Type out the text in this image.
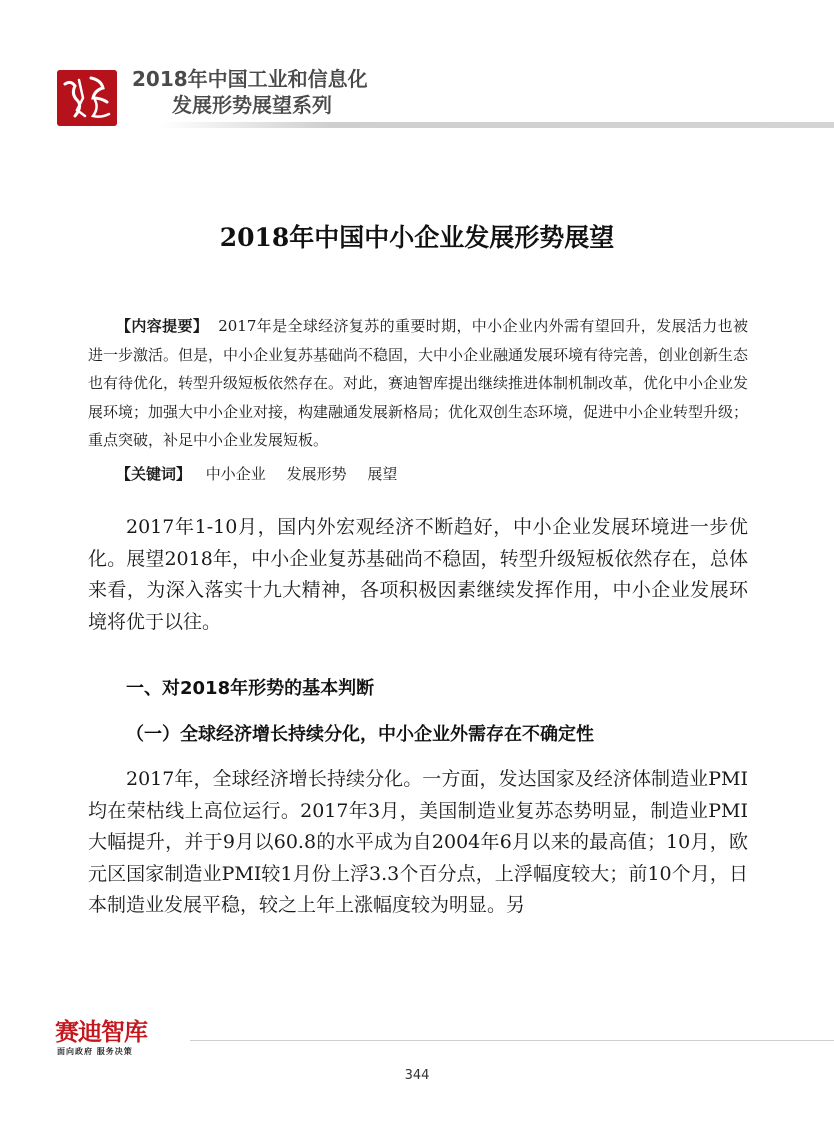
2018年中国工业和信息化
发展形势展望系列
2018年中国中小企业发展形势展望
【内容提要】 2017年是全球经济复苏的重要时期，中小企业内外需有望回升，发展活力也被进一步激活。但是，中小企业复苏基础尚不稳固，大中小企业融通发展环境有待完善，创业创新生态也有待优化，转型升级短板依然存在。对此，赛迪智库提出继续推进体制机制改革，优化中小企业发展环境；加强大中小企业对接，构建融通发展新格局；优化双创生态环境，促进中小企业转型升级；重点突破，补足中小企业发展短板。
【关键词】 中小企业 发展形势 展望
2017年1-10月，国内外宏观经济不断趋好，中小企业发展环境进一步优化。展望2018年，中小企业复苏基础尚不稳固，转型升级短板依然存在，总体来看，为深入落实十九大精神，各项积极因素继续发挥作用，中小企业发展环境将优于以往。
一、对2018年形势的基本判断
（一）全球经济增长持续分化，中小企业外需存在不确定性
2017年，全球经济增长持续分化。一方面，发达国家及经济体制造业PMI均在荣枯线上高位运行。2017年3月，美国制造业复苏态势明显，制造业PMI大幅提升，并于9月以60.8的水平成为自2004年6月以来的最高值；10月，欧元区国家制造业PMI较1月份上浮3.3个百分点，上浮幅度较大；前10个月，日本制造业发展平稳，较之上年上涨幅度较为明显。另
赛迪智库
面向政府 服务决策
344
